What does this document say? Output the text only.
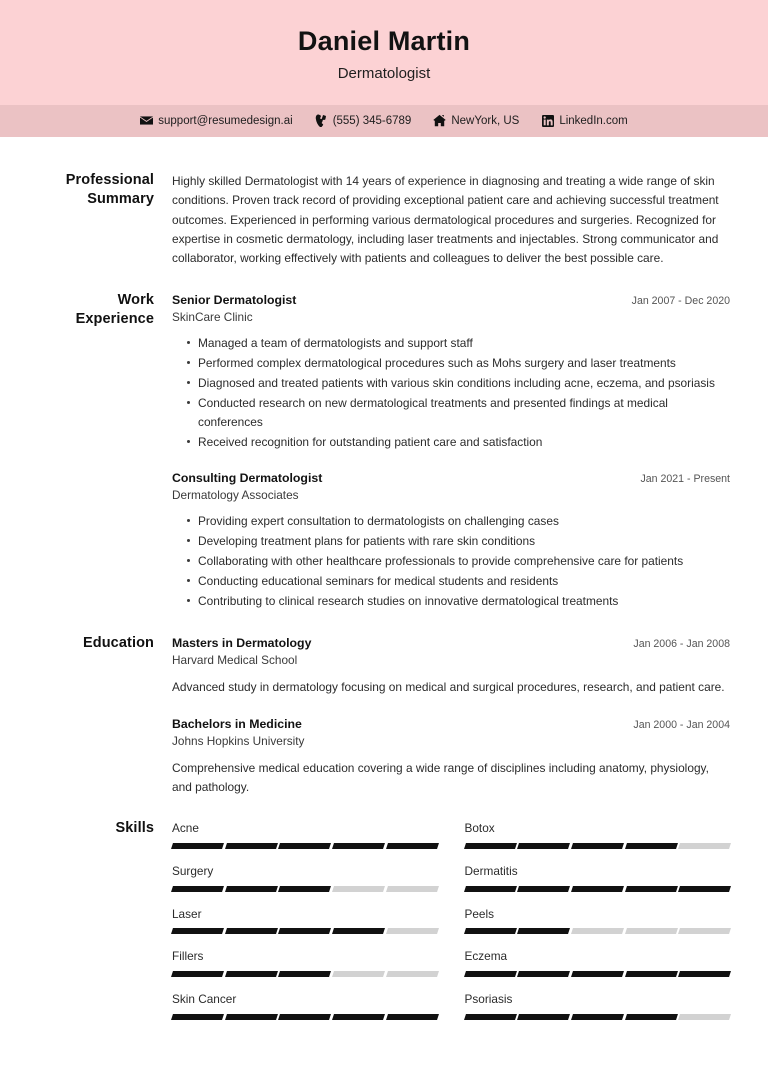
Daniel Martin
Dermatologist
support@resumedesign.ai	(555) 345-6789	NewYork, US	LinkedIn.com
Professional Summary
Highly skilled Dermatologist with 14 years of experience in diagnosing and treating a wide range of skin conditions. Proven track record of providing exceptional patient care and achieving successful treatment outcomes. Experienced in performing various dermatological procedures and surgeries. Recognized for expertise in cosmetic dermatology, including laser treatments and injectables. Strong communicator and collaborator, working effectively with patients and colleagues to deliver the best possible care.
Work Experience
Senior Dermatologist	Jan 2007 - Dec 2020
SkinCare Clinic
Managed a team of dermatologists and support staff
Performed complex dermatological procedures such as Mohs surgery and laser treatments
Diagnosed and treated patients with various skin conditions including acne, eczema, and psoriasis
Conducted research on new dermatological treatments and presented findings at medical conferences
Received recognition for outstanding patient care and satisfaction
Consulting Dermatologist	Jan 2021 - Present
Dermatology Associates
Providing expert consultation to dermatologists on challenging cases
Developing treatment plans for patients with rare skin conditions
Collaborating with other healthcare professionals to provide comprehensive care for patients
Conducting educational seminars for medical students and residents
Contributing to clinical research studies on innovative dermatological treatments
Education	Masters in Dermatology	Jan 2006 - Jan 2008
Harvard Medical School
Advanced study in dermatology focusing on medical and surgical procedures, research, and patient care.
Bachelors in Medicine	Jan 2000 - Jan 2004
Johns Hopkins University
Comprehensive medical education covering a wide range of disciplines including anatomy, physiology, and pathology.
Skills	Acne	Botox
Surgery	Dermatitis
Laser	Peels
Fillers	Eczema
Skin Cancer	Psoriasis
